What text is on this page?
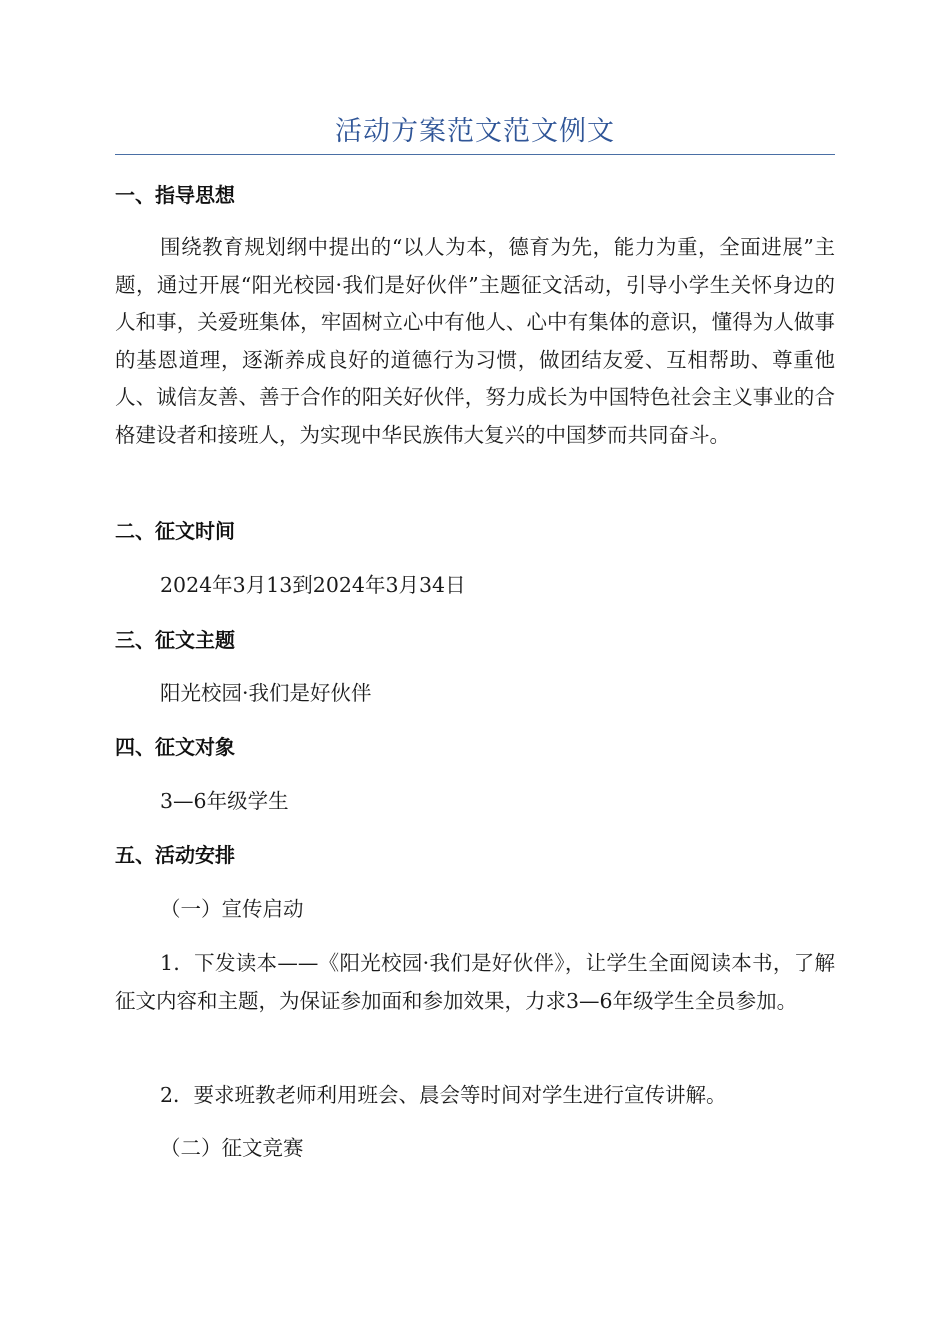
活动方案范文范文例文
一、指导思想
围绕教育规划纲中提出的“以人为本，德育为先，能力为重，全面进展”主题，通过开展“阳光校园·我们是好伙伴”主题征文活动，引导小学生关怀身边的人和事，关爱班集体，牢固树立心中有他人、心中有集体的意识，懂得为人做事的基恩道理，逐渐养成良好的道德行为习惯，做团结友爱、互相帮助、尊重他人、诚信友善、善于合作的阳关好伙伴，努力成长为中国特色社会主义事业的合格建设者和接班人，为实现中华民族伟大复兴的中国梦而共同奋斗。
二、征文时间
2024年3月13到2024年3月34日
三、征文主题
阳光校园·我们是好伙伴
四、征文对象
3—6年级学生
五、活动安排
（一）宣传启动
1．下发读本——《阳光校园·我们是好伙伴》，让学生全面阅读本书，了解征文内容和主题，为保证参加面和参加效果，力求3—6年级学生全员参加。
2．要求班教老师利用班会、晨会等时间对学生进行宣传讲解。
（二）征文竞赛
